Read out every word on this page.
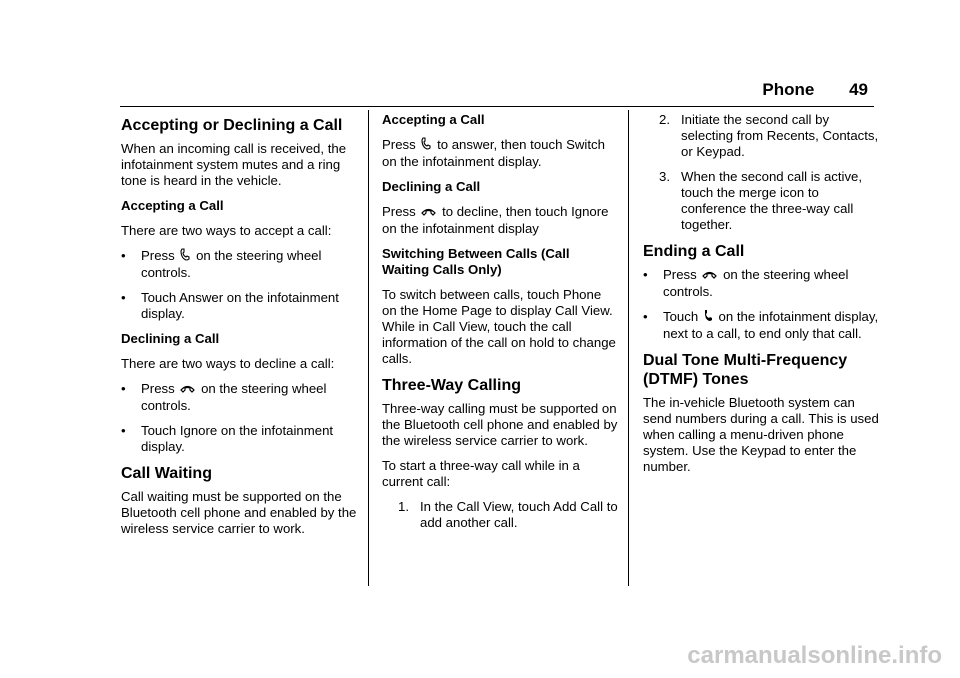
Phone 49
Accepting or Declining a Call

When an incoming call is received, the infotainment system mutes and a ring tone is heard in the vehicle.

Accepting a Call

There are two ways to accept a call:

•	Press on the steering wheel controls.
•	Touch Answer on the infotainment display.
Declining a Call

There are two ways to decline a call:

•	Press on the steering wheel controls.
•	Touch Ignore on the infotainment display.
Call Waiting

Call waiting must be supported on the Bluetooth cell phone and enabled by the wireless service carrier to work.

Accepting a Call

Press to answer, then touch Switch on the infotainment display.

Declining a Call

Press to decline, then touch Ignore on the infotainment display

Switching Between Calls (Call Waiting Calls Only)

To switch between calls, touch Phone on the Home Page to display Call View. While in Call View, touch the call information of the call on hold to change calls.

Three-Way Calling

Three-way calling must be supported on the Bluetooth cell phone and enabled by the wireless service carrier to work.

To start a three-way call while in a current call:

1. In the Call View, touch Add Call to add another call.
2. Initiate the second call by selecting from Recents, Contacts, or Keypad.
3. When the second call is active, touch the merge icon to conference the three-way call together.
Ending a Call
•	Press on the steering wheel controls.
•	Touch on the infotainment display, next to a call, to end only that call.
Dual Tone Multi-Frequency (DTMF) Tones

The in-vehicle Bluetooth system can send numbers during a call. This is used when calling a menu-driven phone system. Use the Keypad to enter the number.

carmanualsonline.info
